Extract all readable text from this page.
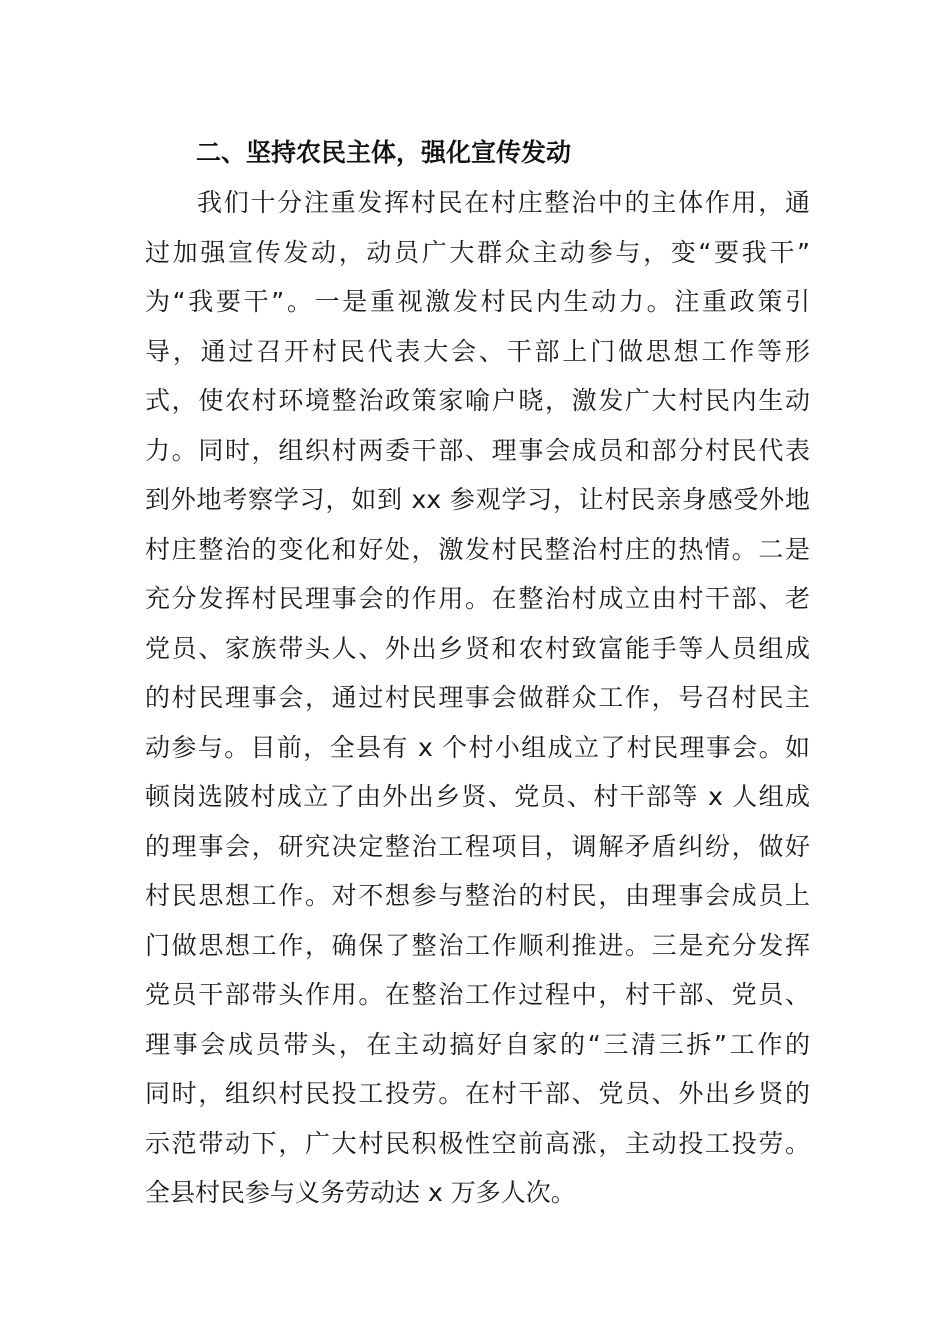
二、坚持农民主体，强化宣传发动
我们十分注重发挥村民在村庄整治中的主体作用，通
过加强宣传发动，动员广大群众主动参与，变“要我干”
为“我要干”。一是重视激发村民内生动力。注重政策引
导，通过召开村民代表大会、干部上门做思想工作等形
式，使农村环境整治政策家喻户晓，激发广大村民内生动
力。同时，组织村两委干部、理事会成员和部分村民代表
到外地考察学习，如到 xx 参观学习，让村民亲身感受外地
村庄整治的变化和好处，激发村民整治村庄的热情。二是
充分发挥村民理事会的作用。在整治村成立由村干部、老
党员、家族带头人、外出乡贤和农村致富能手等人员组成
的村民理事会，通过村民理事会做群众工作，号召村民主
动参与。目前，全县有 x 个村小组成立了村民理事会。如
顿岗选陂村成立了由外出乡贤、党员、村干部等 x 人组成
的理事会，研究决定整治工程项目，调解矛盾纠纷，做好
村民思想工作。对不想参与整治的村民，由理事会成员上
门做思想工作，确保了整治工作顺利推进。三是充分发挥
党员干部带头作用。在整治工作过程中，村干部、党员、
理事会成员带头，在主动搞好自家的“三清三拆”工作的
同时，组织村民投工投劳。在村干部、党员、外出乡贤的
示范带动下，广大村民积极性空前高涨，主动投工投劳。
全县村民参与义务劳动达 x 万多人次。
